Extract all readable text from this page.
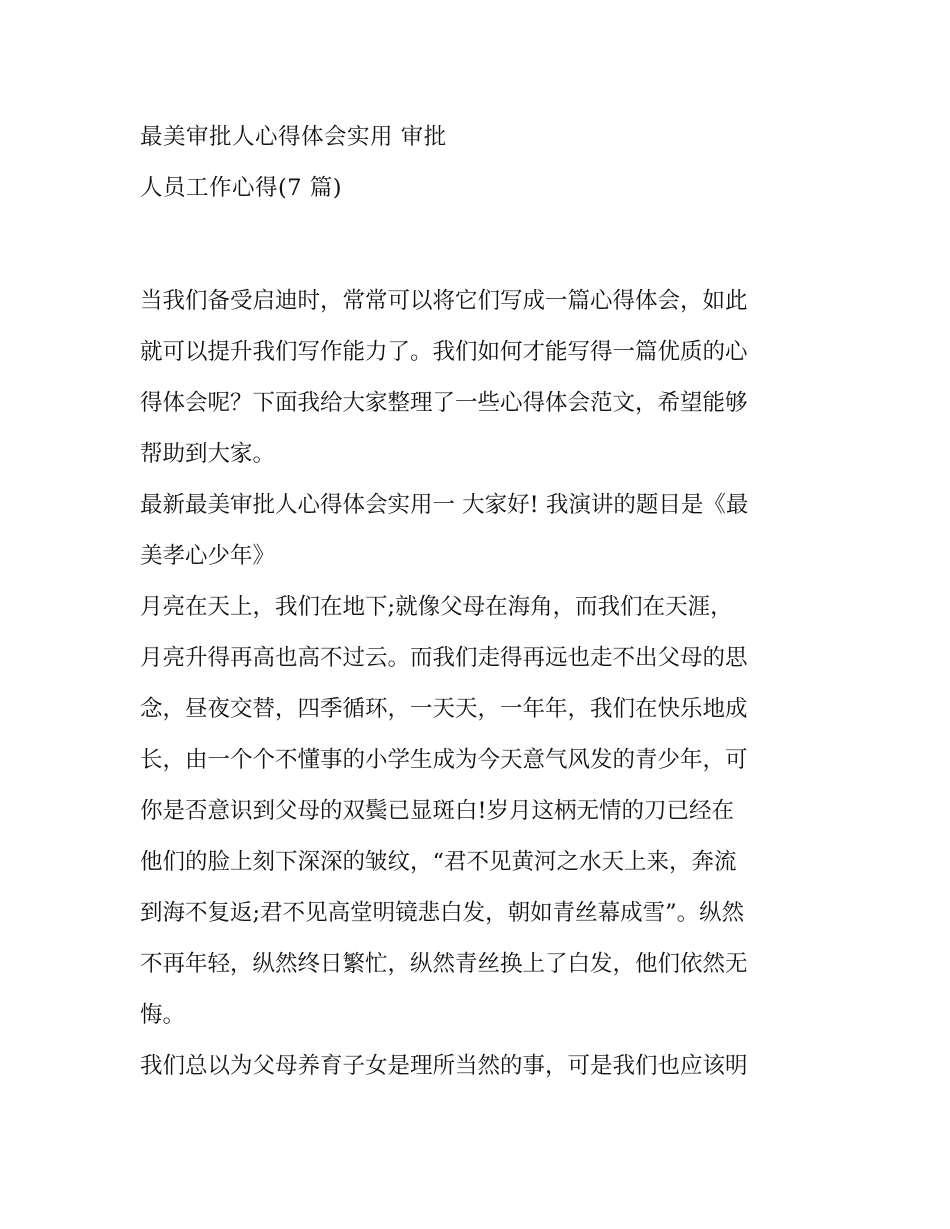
最美审批人心得体会实用 审批
人员工作心得(7 篇)

当我们备受启迪时，常常可以将它们写成一篇心得体会，如此
就可以提升我们写作能力了。我们如何才能写得一篇优质的心
得体会呢？下面我给大家整理了一些心得体会范文，希望能够
帮助到大家。

最新最美审批人心得体会实用一 大家好! 我演讲的题目是《最
美孝心少年》

月亮在天上，我们在地下;就像父母在海角，而我们在天涯，
月亮升得再高也高不过云。而我们走得再远也走不出父母的思
念，昼夜交替，四季循环，一天天，一年年，我们在快乐地成
长，由一个个不懂事的小学生成为今天意气风发的青少年，可
你是否意识到父母的双鬓已显斑白!岁月这柄无情的刀已经在
他们的脸上刻下深深的皱纹，“君不见黄河之水天上来，奔流
到海不复返;君不见高堂明镜悲白发，朝如青丝幕成雪”。纵然
不再年轻，纵然终日繁忙，纵然青丝换上了白发，他们依然无
悔。

我们总以为父母养育子女是理所当然的事，可是我们也应该明
